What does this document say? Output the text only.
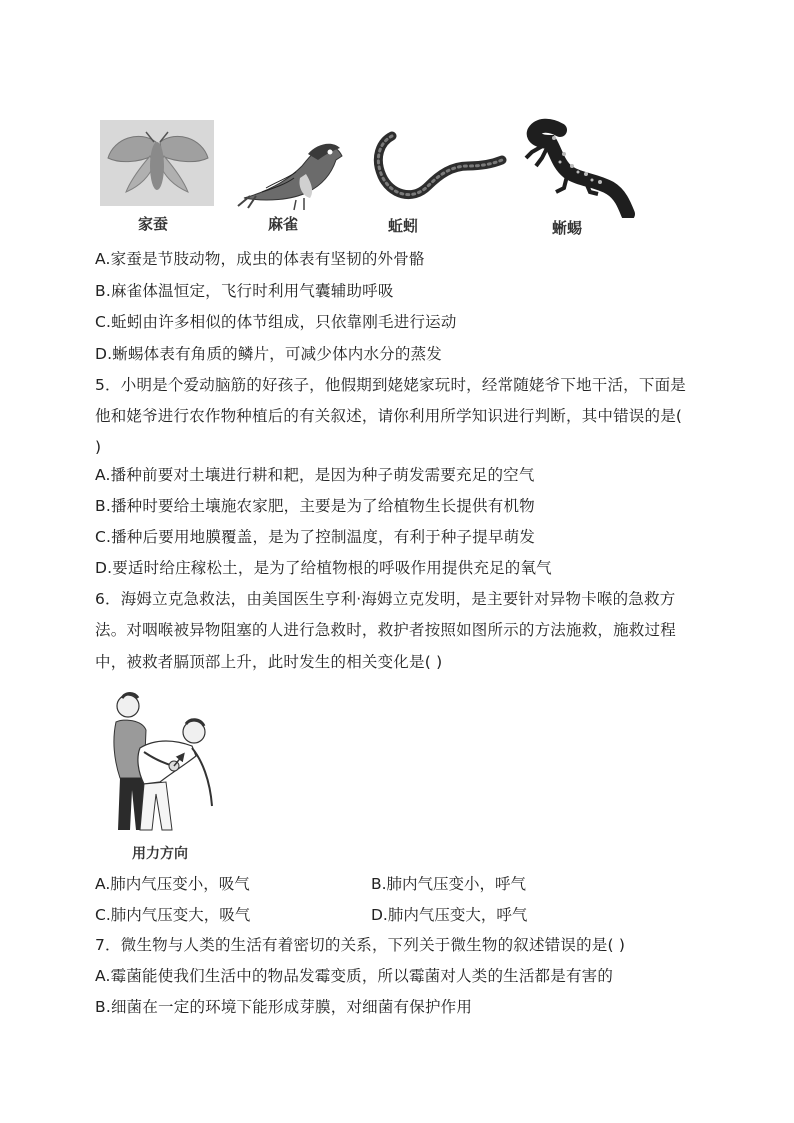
家蚕	麻雀	蚯蚓	蜥蜴
A.家蚕是节肢动物，成虫的体表有坚韧的外骨骼
B.麻雀体温恒定，飞行时利用气囊辅助呼吸
C.蚯蚓由许多相似的体节组成，只依靠刚毛进行运动
D.蜥蜴体表有角质的鳞片，可减少体内水分的蒸发
5．小明是个爱动脑筋的好孩子，他假期到姥姥家玩时，经常随姥爷下地干活，下面是
他和姥爷进行农作物种植后的有关叙述，请你利用所学知识进行判断，其中错误的是(
)
A.播种前要对土壤进行耕和耙，是因为种子萌发需要充足的空气
B.播种时要给土壤施农家肥，主要是为了给植物生长提供有机物
C.播种后要用地膜覆盖，是为了控制温度，有利于种子提早萌发
D.要适时给庄稼松土，是为了给植物根的呼吸作用提供充足的氧气
6．海姆立克急救法，由美国医生亨利·海姆立克发明，是主要针对异物卡喉的急救方
法。对咽喉被异物阻塞的人进行急救时，救护者按照如图所示的方法施救，施救过程
中，被救者膈顶部上升，此时发生的相关变化是( )
用力方向
A.肺内气压变小，吸气	B.肺内气压变小，呼气
C.肺内气压变大，吸气	D.肺内气压变大，呼气
7．微生物与人类的生活有着密切的关系，下列关于微生物的叙述错误的是( )
A.霉菌能使我们生活中的物品发霉变质，所以霉菌对人类的生活都是有害的
B.细菌在一定的环境下能形成芽膜，对细菌有保护作用
